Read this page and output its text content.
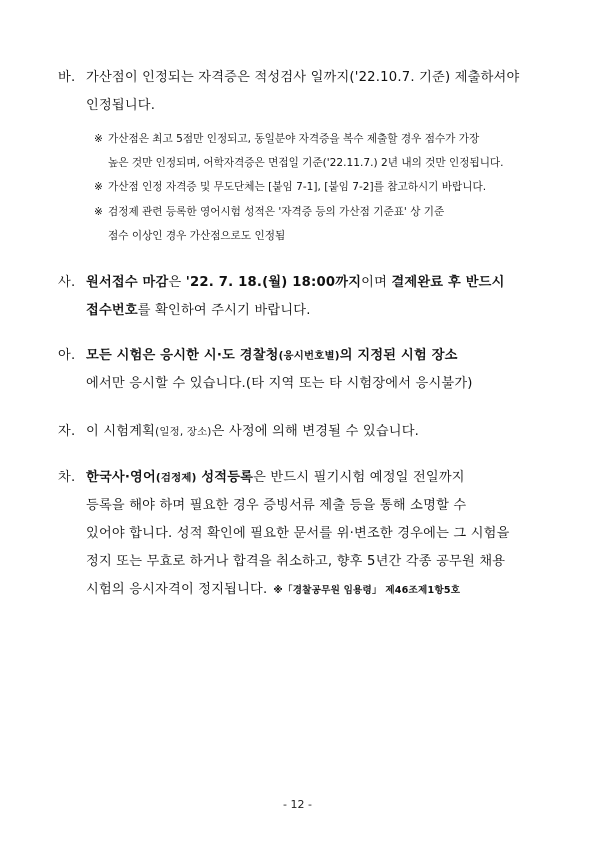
바. 가산점이 인정되는 자격증은 적성검사 일까지('22.10.7. 기준) 제출하셔야
인정됩니다.
※ 가산점은 최고 5점만 인정되고, 동일분야 자격증을 복수 제출할 경우 점수가 가장
높은 것만 인정되며, 어학자격증은 면접일 기준('22.11.7.) 2년 내의 것만 인정됩니다.
※ 가산점 인정 자격증 및 무도단체는 [붙임 7-1], [붙임 7-2]를 참고하시기 바랍니다.
※ 검정제 관련 등록한 영어시험 성적은 '자격증 등의 가산점 기준표' 상 기준
점수 이상인 경우 가산점으로도 인정됨
사. 원서접수 마감은 '22. 7. 18.(월) 18:00까지이며 결제완료 후 반드시
접수번호를 확인하여 주시기 바랍니다.
아. 모든 시험은 응시한 시·도 경찰청(응시번호별)의 지정된 시험 장소
에서만 응시할 수 있습니다.(타 지역 또는 타 시험장에서 응시불가)
자. 이 시험계획(일정, 장소)은 사정에 의해 변경될 수 있습니다.
차. 한국사·영어(검정제) 성적등록은 반드시 필기시험 예정일 전일까지
등록을 해야 하며 필요한 경우 증빙서류 제출 등을 통해 소명할 수
있어야 합니다. 성적 확인에 필요한 문서를 위·변조한 경우에는 그 시험을
정지 또는 무효로 하거나 합격을 취소하고, 향후 5년간 각종 공무원 채용
시험의 응시자격이 정지됩니다. ※「경찰공무원 임용령」 제46조제1항5호
- 12 -
